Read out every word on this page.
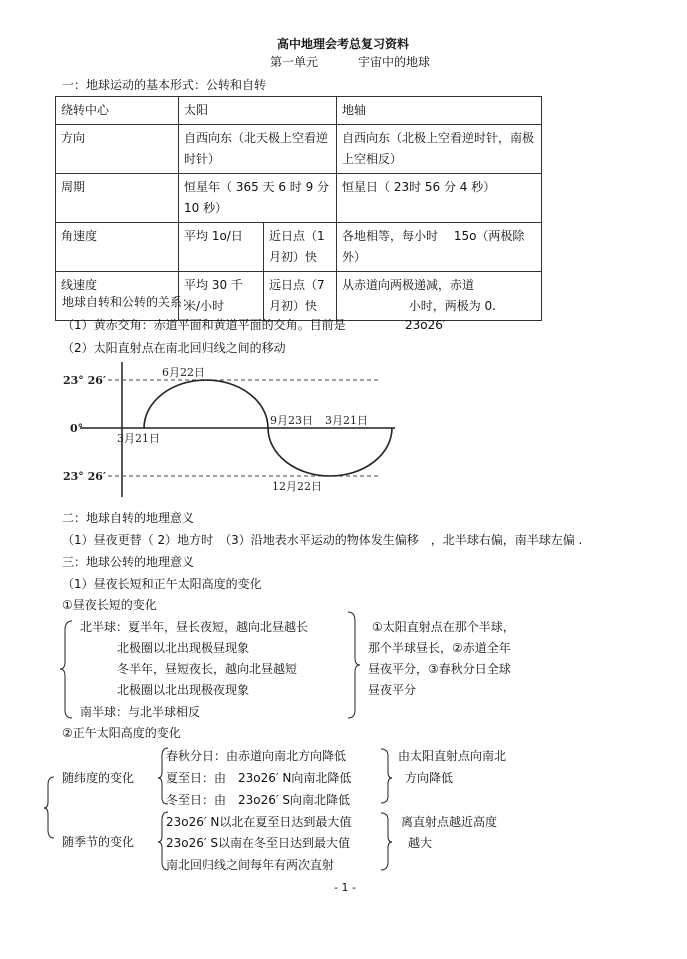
高中地理会考总复习资料
第一单元	宇宙中的地球
一：地球运动的基本形式：公转和自转
绕转中心	太阳		地轴
方向	自西向东（北天极上空看逆时针）		自西向东（北极上空看逆时针，南极上空相反）
周期	恒星年（ 365 天 6 时 9 分 10 秒）		恒星日（ 23时 56 分 4 秒）
角速度	平均 1o/日	近日点（1月初）快	各地相等，每小时　 15o（两极除外）
线速度	平均 30 千米/小时	远日点（7月初）快	从赤道向两极递减，赤道
小时，两极为 0.
地球自转和公转的关系：
（1）黄赤交角：赤道平面和黄道平面的交角。目前是	23o26′
（2）太阳直射点在南北回归线之间的移动
23° 26′
0°
23° 26′
3月21日
6月22日
9月23日
12月22日
3月21日
二：地球自转的地理意义
（1）昼夜更替（ 2）地方时　（3）沿地表水平运动的物体发生偏移　，北半球右偏，南半球左偏 .
三：地球公转的地理意义
（1）昼夜长短和正午太阳高度的变化
①昼夜长短的变化
北半球：夏半年，昼长夜短，越向北昼越长
北极圈以北出现极昼现象
冬半年，昼短夜长，越向北昼越短
北极圈以北出现极夜现象
南半球：与北半球相反
①太阳直射点在那个半球，
那个半球昼长，②赤道全年
昼夜平分，③春秋分日全球
昼夜平分
②正午太阳高度的变化
随纬度的变化
春秋分日：由赤道向南北方向降低
夏至日：由　23o26′ N向南北降低
冬至日：由　23o26′ S向南北降低
由太阳直射点向南北
方向降低
随季节的变化
23o26′ N以北在夏至日达到最大值
23o26′ S以南在冬至日达到最大值
南北回归线之间每年有两次直射
离直射点越近高度
越大
- 1 -
